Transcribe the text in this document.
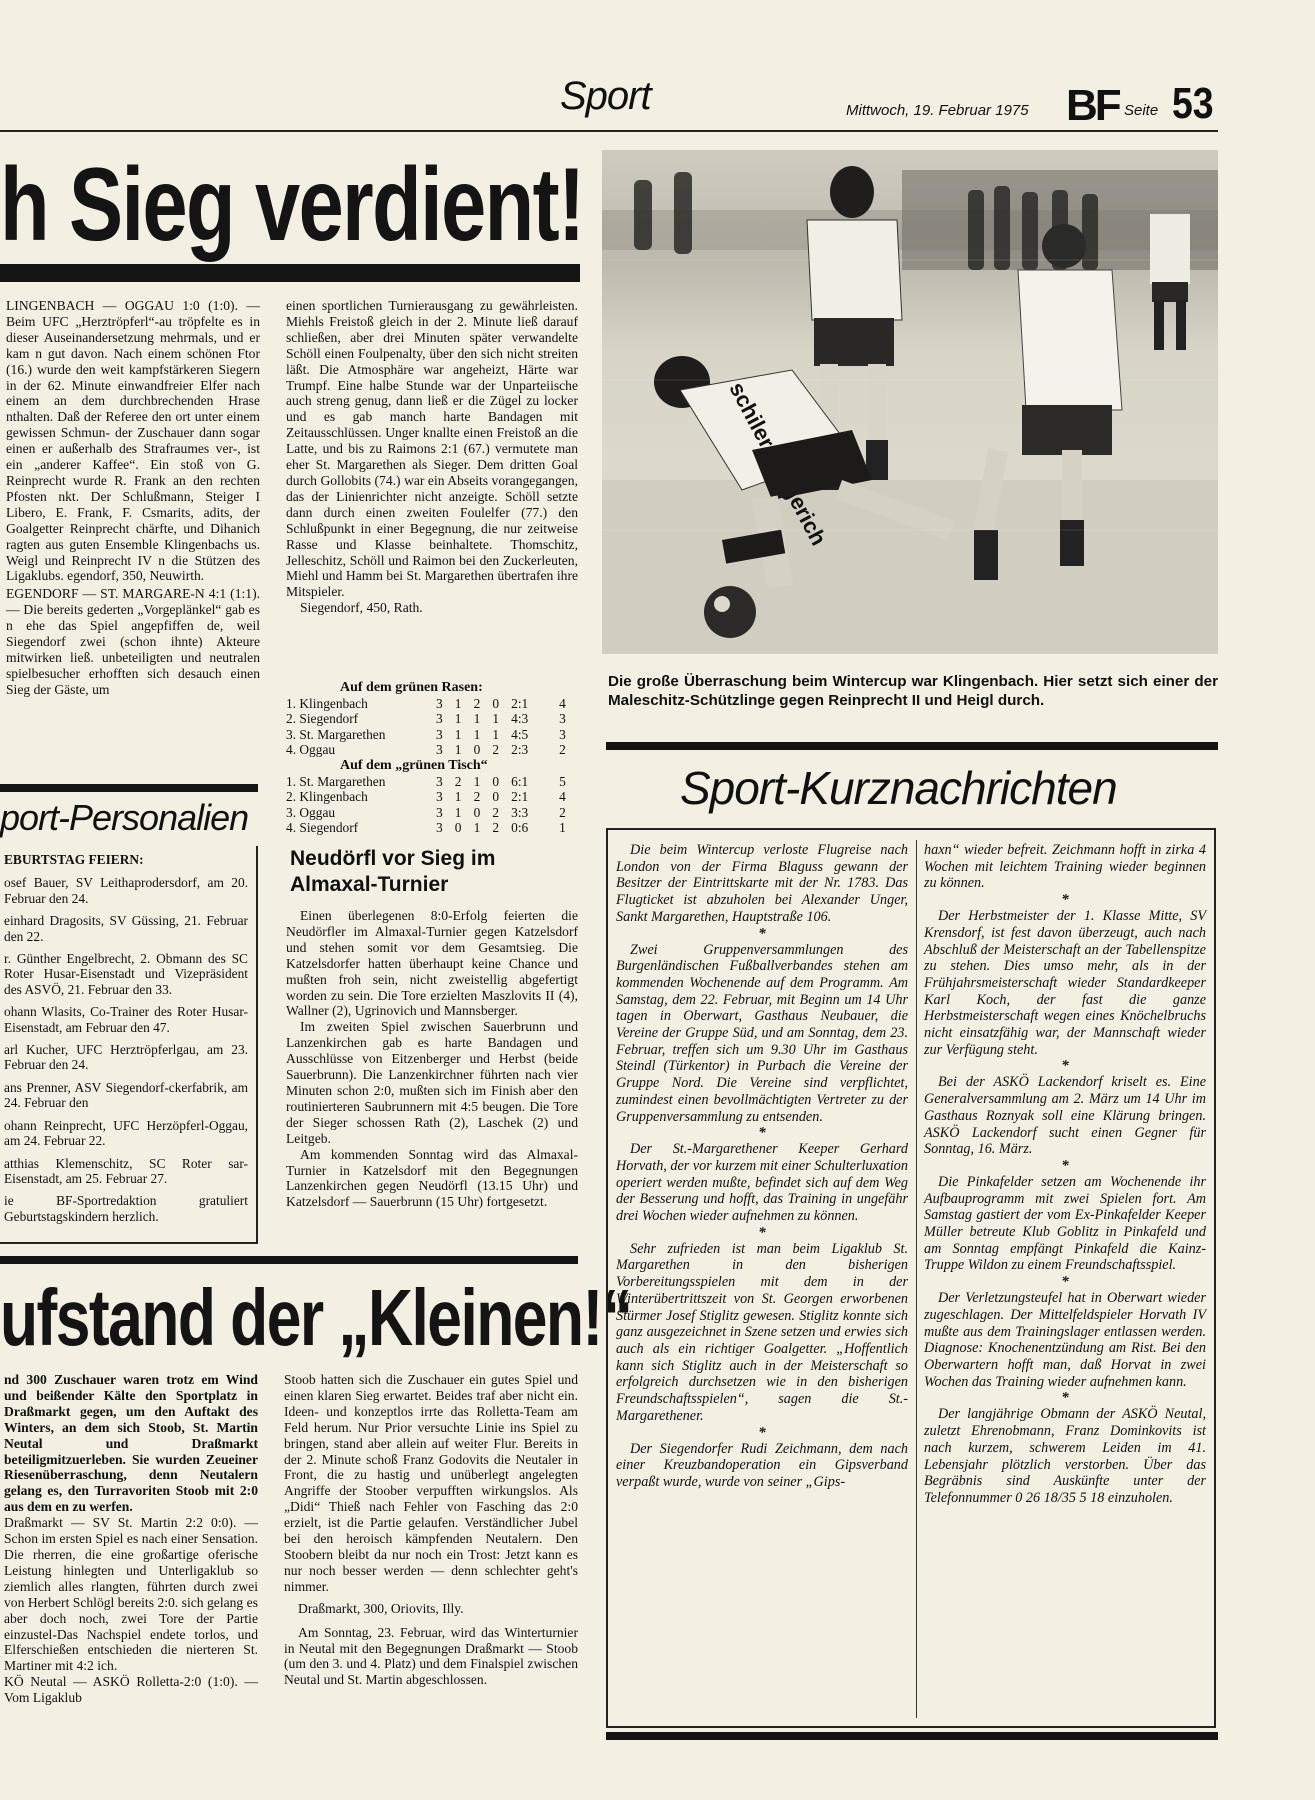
Sport	Mittwoch, 19. Februar 1975 BF Seite 53
h Sieg verdient!

LINGENBACH — OGGAU 1:0 (1:0). — Beim UFC „Herztröpferl“-au tröpfelte es in dieser Auseinandersetzung mehrmals, und er kam n gut davon. Nach einem schönen Ftor (16.) wurde den weit kampfstärkeren Siegern in der 62. Minute einwandfreier Elfer nach einem an dem durchbrechenden Hrase nthalten. Daß der Referee den ort unter einem gewissen Schmun- der Zuschauer dann sogar einen er außerhalb des Strafraumes ver-, ist ein „anderer Kaffee“. Ein stoß von G. Reinprecht wurde R. Frank an den rechten Pfosten nkt. Der Schlußmann, Steiger I Libero, E. Frank, F. Csmarits, adits, der Goalgetter Reinprecht chärfte, und Dihanich ragten aus guten Ensemble Klingenbachs us. Weigl und Reinprecht IV n die Stützen des Ligaklubs. egendorf, 350, Neuwirth.

EGENDORF — ST. MARGARE-N 4:1 (1:1). — Die bereits gederten „Vorgeplänkel“ gab es n ehe das Spiel angepfiffen de, weil Siegendorf zwei (schon ihnte) Akteure mitwirken ließ. unbeteiligten und neutralen spielbesucher erhofften sich desauch einen Sieg der Gäste, um

einen sportlichen Turnierausgang zu gewährleisten. Miehls Freistoß gleich in der 2. Minute ließ darauf schließen, aber drei Minuten später verwandelte Schöll einen Foulpenalty, über den sich nicht streiten läßt. Die Atmosphäre war angeheizt, Härte war Trumpf. Eine halbe Stunde war der Unparteiische auch streng genug, dann ließ er die Zügel zu locker und es gab manch harte Bandagen mit Zeitausschlüssen. Unger knallte einen Freistoß an die Latte, und bis zu Raimons 2:1 (67.) vermutete man eher St. Margarethen als Sieger. Dem dritten Goal durch Gollobits (74.) war ein Abseits vorangegangen, das der Linienrichter nicht anzeigte. Schöll setzte dann durch einen zweiten Foulelfer (77.) den Schlußpunkt in einer Begegnung, die nur zeitweise Rasse und Klasse beinhaltete. Thomschitz, Jelleschitz, Schöll und Raimon bei den Zuckerleuten, Miehl und Hamm bei St. Margarethen übertrafen ihre Mitspieler.

Siegendorf, 450, Rath.

Auf dem grünen Rasen:
1. Klingenbach	3	1	2	0	2:1	4
2. Siegendorf	3	1	1	1	4:3	3
3. St. Margarethen	3	1	1	1	4:5	3
4. Oggau	3	1	0	2	2:3	2
Auf dem „grünen Tisch“
1. St. Margarethen	3	2	1	0	6:1	5
2. Klingenbach	3	1	2	0	2:1	4
3. Oggau	3	1	0	2	3:3	2
4. Siegendorf	3	0	1	2	0:6	1
schilerei Ingerich
Die große Überraschung beim Wintercup war Klingenbach. Hier setzt sich einer der Maleschitz-Schützlinge gegen Reinprecht II und Heigl durch.
port-Personalien

EBURTSTAG FEIERN:

osef Bauer, SV Leithaprodersdorf, am 20. Februar den 24.

einhard Dragosits, SV Güssing, 21. Februar den 22.

r. Günther Engelbrecht, 2. Obmann des SC Roter Husar-Eisenstadt und Vizepräsident des ASVÖ, 21. Februar den 33.

ohann Wlasits, Co-Trainer des Roter Husar-Eisenstadt, am Februar den 47.

arl Kucher, UFC Herztröpferlgau, am 23. Februar den 24.

ans Prenner, ASV Siegendorf-ckerfabrik, am 24. Februar den

ohann Reinprecht, UFC Herzöpferl-Oggau, am 24. Februar 22.

atthias Klemenschitz, SC Roter sar-Eisenstadt, am 25. Februar 27.

ie BF-Sportredaktion gratuliert Geburtstagskindern herzlich.

Neudörfl vor Sieg im Almaxal-Turnier

Einen überlegenen 8:0-Erfolg feierten die Neudörfler im Almaxal-Turnier gegen Katzelsdorf und stehen somit vor dem Gesamtsieg. Die Katzelsdorfer hatten überhaupt keine Chance und mußten froh sein, nicht zweistellig abgefertigt worden zu sein. Die Tore erzielten Maszlovits II (4), Wallner (2), Ugrinovich und Mannsberger.

Im zweiten Spiel zwischen Sauerbrunn und Lanzenkirchen gab es harte Bandagen und Ausschlüsse von Eitzenberger und Herbst (beide Sauerbrunn). Die Lanzenkirchner führten nach vier Minuten schon 2:0, mußten sich im Finish aber den routinierteren Saubrunnern mit 4:5 beugen. Die Tore der Sieger schossen Rath (2), Laschek (2) und Leitgeb.

Am kommenden Sonntag wird das Almaxal-Turnier in Katzelsdorf mit den Begegnungen Lanzenkirchen gegen Neudörfl (13.15 Uhr) und Katzelsdorf — Sauerbrunn (15 Uhr) fortgesetzt.

ufstand der „Kleinen!“

nd 300 Zuschauer waren trotz em Wind und beißender Kälte den Sportplatz in Draßmarkt gegen, um den Auftakt des Winters, an dem sich Stoob, St. Martin Neutal und Draßmarkt beteiligmitzuerleben. Sie wurden Zeueiner Riesenüberraschung, denn Neutalern gelang es, den Turravoriten Stoob mit 2:0 aus dem en zu werfen.

Draßmarkt — SV St. Martin 2:2 0:0). — Schon im ersten Spiel es nach einer Sensation. Die rherren, die eine großartige oferische Leistung hinlegten und Unterligaklub so ziemlich alles rlangten, führten durch zwei von Herbert Schlögl bereits 2:0. sich gelang es aber doch noch, zwei Tore der Partie einzustel-Das Nachspiel endete torlos, und Elferschießen entschieden die nierteren St. Martiner mit 4:2 ich.

KÖ Neutal — ASKÖ Rolletta-2:0 (1:0). — Vom Ligaklub

Stoob hatten sich die Zuschauer ein gutes Spiel und einen klaren Sieg erwartet. Beides traf aber nicht ein. Ideen- und konzeptlos irrte das Rolletta-Team am Feld herum. Nur Prior versuchte Linie ins Spiel zu bringen, stand aber allein auf weiter Flur. Bereits in der 2. Minute schoß Franz Godovits die Neutaler in Front, die zu hastig und unüberlegt angelegten Angriffe der Stoober verpufften wirkungslos. Als „Didi“ Thieß nach Fehler von Fasching das 2:0 erzielt, ist die Partie gelaufen. Verständlicher Jubel bei den heroisch kämpfenden Neutalern. Den Stoobern bleibt da nur noch ein Trost: Jetzt kann es nur noch besser werden — denn schlechter geht's nimmer.

Draßmarkt, 300, Oriovits, Illy.

Am Sonntag, 23. Februar, wird das Winterturnier in Neutal mit den Begegnungen Draßmarkt — Stoob (um den 3. und 4. Platz) und dem Finalspiel zwischen Neutal und St. Martin abgeschlossen.

Sport-Kurznachrichten

Die beim Wintercup verloste Flugreise nach London von der Firma Blaguss gewann der Besitzer der Eintrittskarte mit der Nr. 1783. Das Flugticket ist abzuholen bei Alexander Unger, Sankt Margarethen, Hauptstraße 106.

*

Zwei Gruppenversammlungen des Burgenländischen Fußballverbandes stehen am kommenden Wochenende auf dem Programm. Am Samstag, dem 22. Februar, mit Beginn um 14 Uhr tagen in Oberwart, Gasthaus Neubauer, die Vereine der Gruppe Süd, und am Sonntag, dem 23. Februar, treffen sich um 9.30 Uhr im Gasthaus Steindl (Türkentor) in Purbach die Vereine der Gruppe Nord. Die Vereine sind verpflichtet, zumindest einen bevollmächtigten Vertreter zu der Gruppenversammlung zu entsenden.

*

Der St.-Margarethener Keeper Gerhard Horvath, der vor kurzem mit einer Schulterluxation operiert werden mußte, befindet sich auf dem Weg der Besserung und hofft, das Training in ungefähr drei Wochen wieder aufnehmen zu können.

*

Sehr zufrieden ist man beim Ligaklub St. Margarethen in den bisherigen Vorbereitungsspielen mit dem in der Winterübertrittszeit von St. Georgen erworbenen Stürmer Josef Stiglitz gewesen. Stiglitz konnte sich ganz ausgezeichnet in Szene setzen und erwies sich auch als ein richtiger Goalgetter. „Hoffentlich kann sich Stiglitz auch in der Meisterschaft so erfolgreich durchsetzen wie in den bisherigen Freundschaftsspielen“, sagen die St.-Margarethener.

*

Der Siegendorfer Rudi Zeichmann, dem nach einer Kreuzbandoperation ein Gipsverband verpaßt wurde, wurde von seiner „Gips-

haxn“ wieder befreit. Zeichmann hofft in zirka 4 Wochen mit leichtem Training wieder beginnen zu können.

*

Der Herbstmeister der 1. Klasse Mitte, SV Krensdorf, ist fest davon überzeugt, auch nach Abschluß der Meisterschaft an der Tabellenspitze zu stehen. Dies umso mehr, als in der Frühjahrsmeisterschaft wieder Standardkeeper Karl Koch, der fast die ganze Herbstmeisterschaft wegen eines Knöchelbruchs nicht einsatzfähig war, der Mannschaft wieder zur Verfügung steht.

*

Bei der ASKÖ Lackendorf kriselt es. Eine Generalversammlung am 2. März um 14 Uhr im Gasthaus Roznyak soll eine Klärung bringen. ASKÖ Lackendorf sucht einen Gegner für Sonntag, 16. März.

*

Die Pinkafelder setzen am Wochenende ihr Aufbauprogramm mit zwei Spielen fort. Am Samstag gastiert der vom Ex-Pinkafelder Keeper Müller betreute Klub Goblitz in Pinkafeld und am Sonntag empfängt Pinkafeld die Kainz-Truppe Wildon zu einem Freundschaftsspiel.

*

Der Verletzungsteufel hat in Oberwart wieder zugeschlagen. Der Mittelfeldspieler Horvath IV mußte aus dem Trainingslager entlassen werden. Diagnose: Knochenentzündung am Rist. Bei den Oberwartern hofft man, daß Horvat in zwei Wochen das Training wieder aufnehmen kann.

*

Der langjährige Obmann der ASKÖ Neutal, zuletzt Ehrenobmann, Franz Dominkovits ist nach kurzem, schwerem Leiden im 41. Lebensjahr plötzlich verstorben. Über das Begräbnis sind Auskünfte unter der Telefonnummer 0 26 18/35 5 18 einzuholen.
